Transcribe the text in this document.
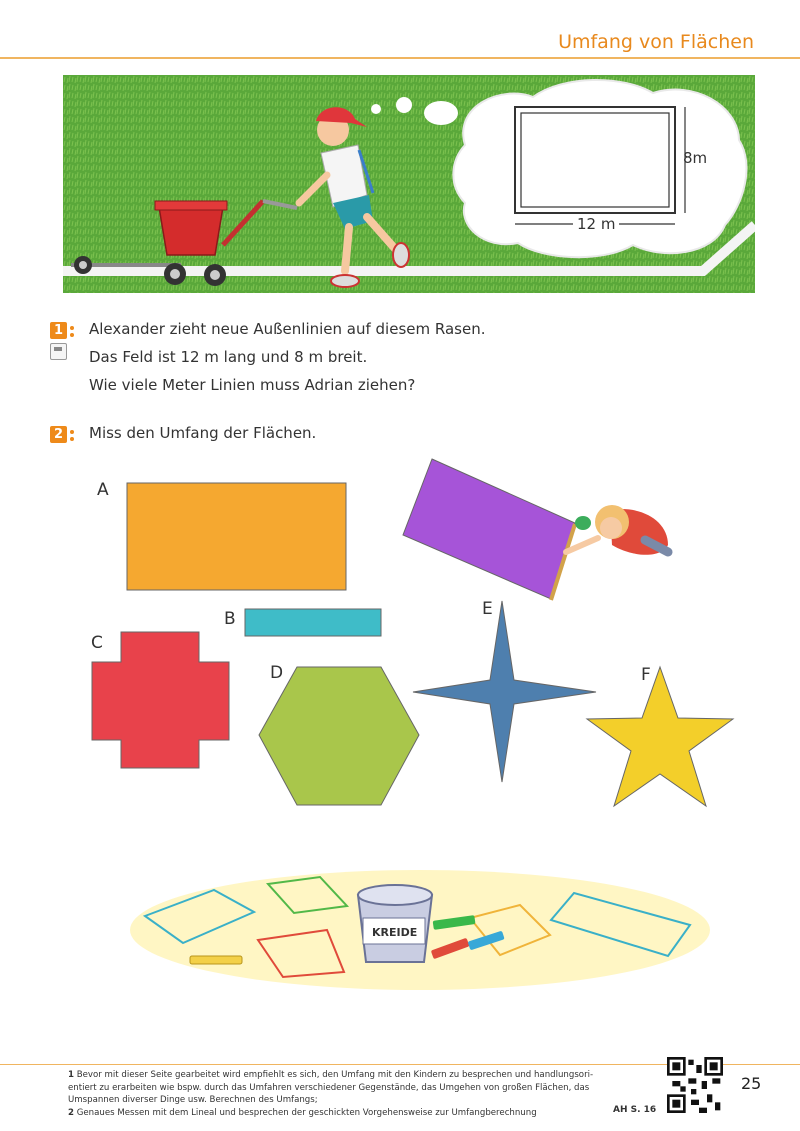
Umfang von Flächen
8m
12 m
1 Alexander zieht neue Außenlinien auf diesem Rasen.
Das Feld ist 12 m lang und 8 m breit.
Wie viele Meter Linien muss Adrian ziehen?
2 Miss den Umfang der Flächen.
A
B
C
D
E
F
KREIDE
1 Bevor mit dieser Seite gearbeitet wird empfiehlt es sich, den Umfang mit den Kindern zu besprechen und handlungsori-entiert zu erarbeiten wie bspw. durch das Umfahren verschiedener Gegenstände, das Umgehen von großen Flächen, das Umspannen diverser Dinge usw. Berechnen des Umfangs;
2 Genaues Messen mit dem Lineal und besprechen der geschickten Vorgehensweise zur Umfangberechnung	AH S. 16
25
